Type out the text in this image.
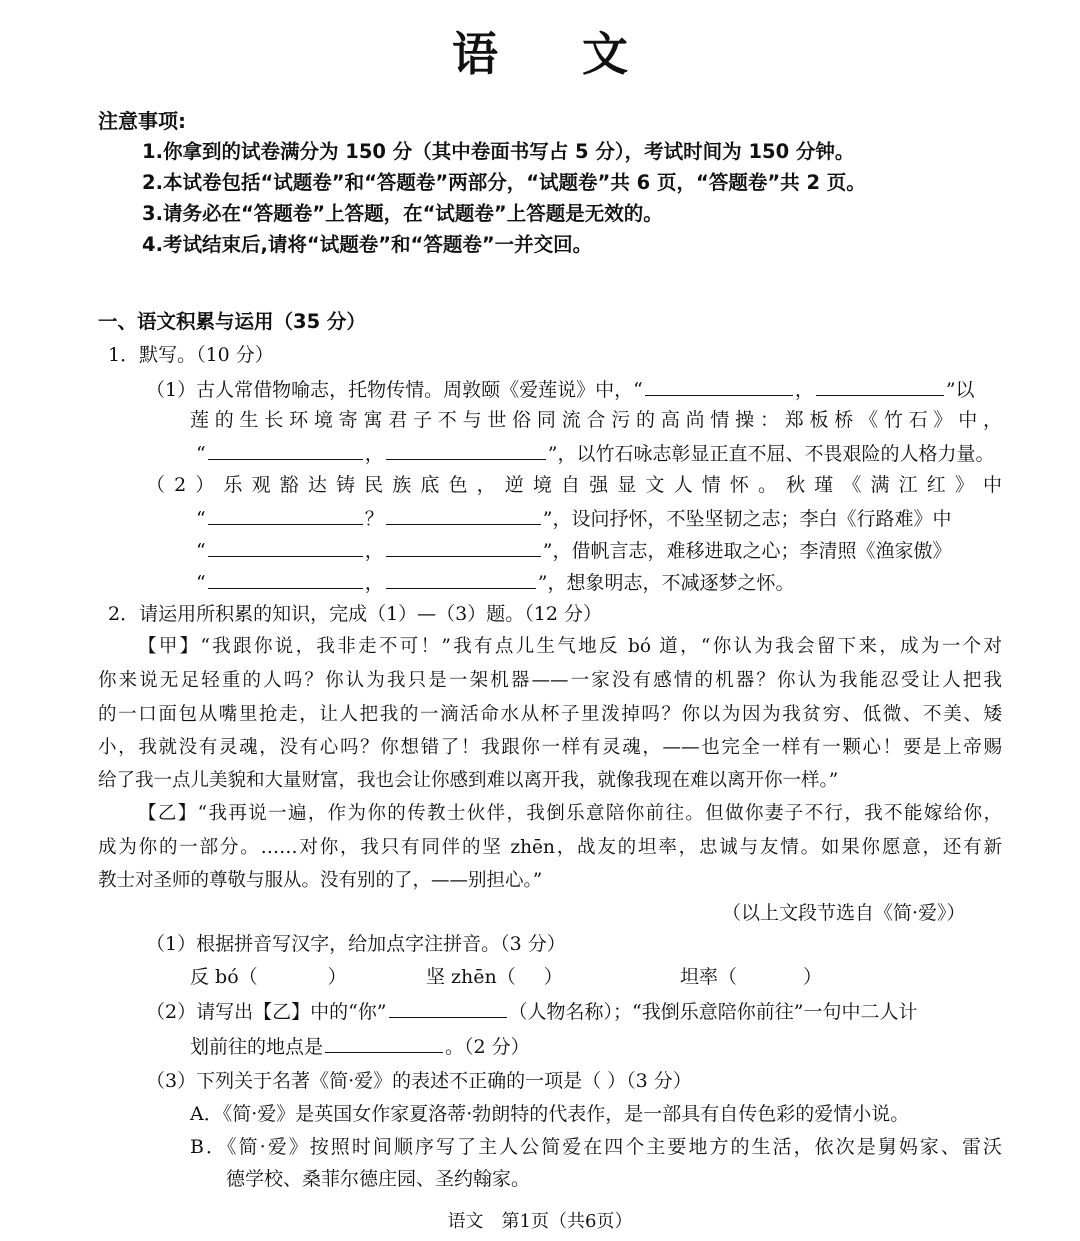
语 文
注意事项:
1.你拿到的试卷满分为 150 分（其中卷面书写占 5 分），考试时间为 150 分钟。
2.本试卷包括“试题卷”和“答题卷”两部分，“试题卷”共 6 页，“答题卷”共 2 页。
3.请务必在“答题卷”上答题，在“试题卷”上答题是无效的。
4.考试结束后,请将“试题卷”和“答题卷”一并交回。
一、语文积累与运用（35 分）
1．默写。（10 分）
（1）古人常借物喻志，托物传情。周敦颐《爱莲说》中，“	，	”以
莲的生长环境寄寓君子不与世俗同流合污的高尚情操：郑板桥《竹石》中，
“	，	”，以竹石咏志彰显正直不屈、不畏艰险的人格力量。
（2）乐观豁达铸民族底色，逆境自强显文人情怀。秋瑾《满江红》中
“	？	”，设问抒怀，不坠坚韧之志；李白《行路难》中
“	，	”，借帆言志，难移进取之心；李清照《渔家傲》
“	，	”，想象明志，不减逐梦之怀。
2．请运用所积累的知识，完成（1）—（3）题。（12 分）
【甲】“我跟你说，我非走不可！”我有点儿生气地反 bó 道，“你认为我会留下来，成为一个对
你来说无足轻重的人吗？你认为我只是一架机器——一家没有感情的机器？你认为我能忍受让人把我
的一口面包从嘴里抢走，让人把我的一滴活命水从杯子里泼掉吗？你以为因为我贫穷、低微、不美、矮
小，我就没有灵魂，没有心吗？你想错了！我跟你一样有灵魂，——也完全一样有一颗心！要是上帝赐
给了我一点儿美貌和大量财富，我也会让你感到难以离开我，就像我现在难以离开你一样。”
【乙】“我再说一遍，作为你的传教士伙伴，我倒乐意陪你前往。但做你妻子不行，我不能嫁给你，
成为你的一部分。……对你，我只有同伴的坚 zhēn，战友的坦率，忠诚与友情。如果你愿意，还有新
教士对圣师的尊敬与服从。没有别的了，——别担心。”
（以上文段节选自《简·爱》）
（1）根据拼音写汉字，给加点字注拼音。（3 分）
反 bó（	）	坚 zhēn（ ）	坦率（	）
（2）请写出【乙】中的“你”	（人物名称）；“我倒乐意陪你前往”一句中二人计
划前往的地点是	。（2 分）
（3）下列关于名著《简·爱》的表述不正确的一项是（ ）（3 分）
A．《简·爱》是英国女作家夏洛蒂·勃朗特的代表作，是一部具有自传色彩的爱情小说。
B．《简·爱》按照时间顺序写了主人公简爱在四个主要地方的生活，依次是舅妈家、雷沃
德学校、桑菲尔德庄园、圣约翰家。
语文　第1页（共6页）
